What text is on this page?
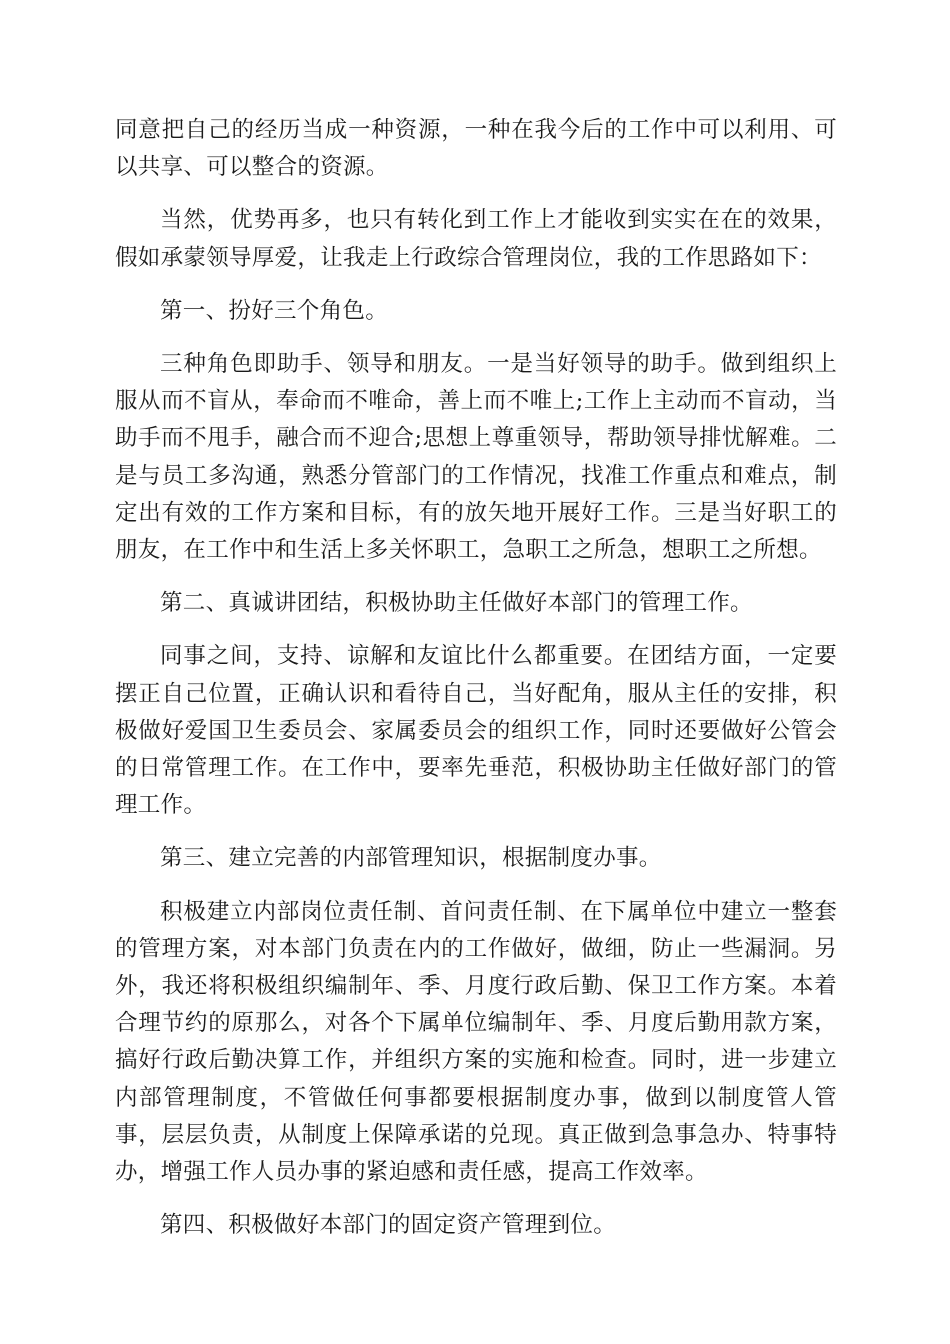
同意把自己的经历当成一种资源，一种在我今后的工作中可以利用、可以共享、可以整合的资源。

当然，优势再多，也只有转化到工作上才能收到实实在在的效果，假如承蒙领导厚爱，让我走上行政综合管理岗位，我的工作思路如下：

第一、扮好三个角色。

三种角色即助手、领导和朋友。一是当好领导的助手。做到组织上服从而不盲从，奉命而不唯命，善上而不唯上;工作上主动而不盲动，当助手而不甩手，融合而不迎合;思想上尊重领导，帮助领导排忧解难。二是与员工多沟通，熟悉分管部门的工作情况，找准工作重点和难点，制定出有效的工作方案和目标，有的放矢地开展好工作。三是当好职工的朋友，在工作中和生活上多关怀职工，急职工之所急，想职工之所想。

第二、真诚讲团结，积极协助主任做好本部门的管理工作。

同事之间，支持、谅解和友谊比什么都重要。在团结方面，一定要摆正自己位置，正确认识和看待自己，当好配角，服从主任的安排，积极做好爱国卫生委员会、家属委员会的组织工作，同时还要做好公管会的日常管理工作。在工作中，要率先垂范，积极协助主任做好部门的管理工作。

第三、建立完善的内部管理知识，根据制度办事。

积极建立内部岗位责任制、首问责任制、在下属单位中建立一整套的管理方案，对本部门负责在内的工作做好，做细，防止一些漏洞。另外，我还将积极组织编制年、季、月度行政后勤、保卫工作方案。本着合理节约的原那么，对各个下属单位编制年、季、月度后勤用款方案，搞好行政后勤决算工作，并组织方案的实施和检查。同时，进一步建立内部管理制度，不管做任何事都要根据制度办事，做到以制度管人管事，层层负责，从制度上保障承诺的兑现。真正做到急事急办、特事特办，增强工作人员办事的紧迫感和责任感，提高工作效率。

第四、积极做好本部门的固定资产管理到位。
